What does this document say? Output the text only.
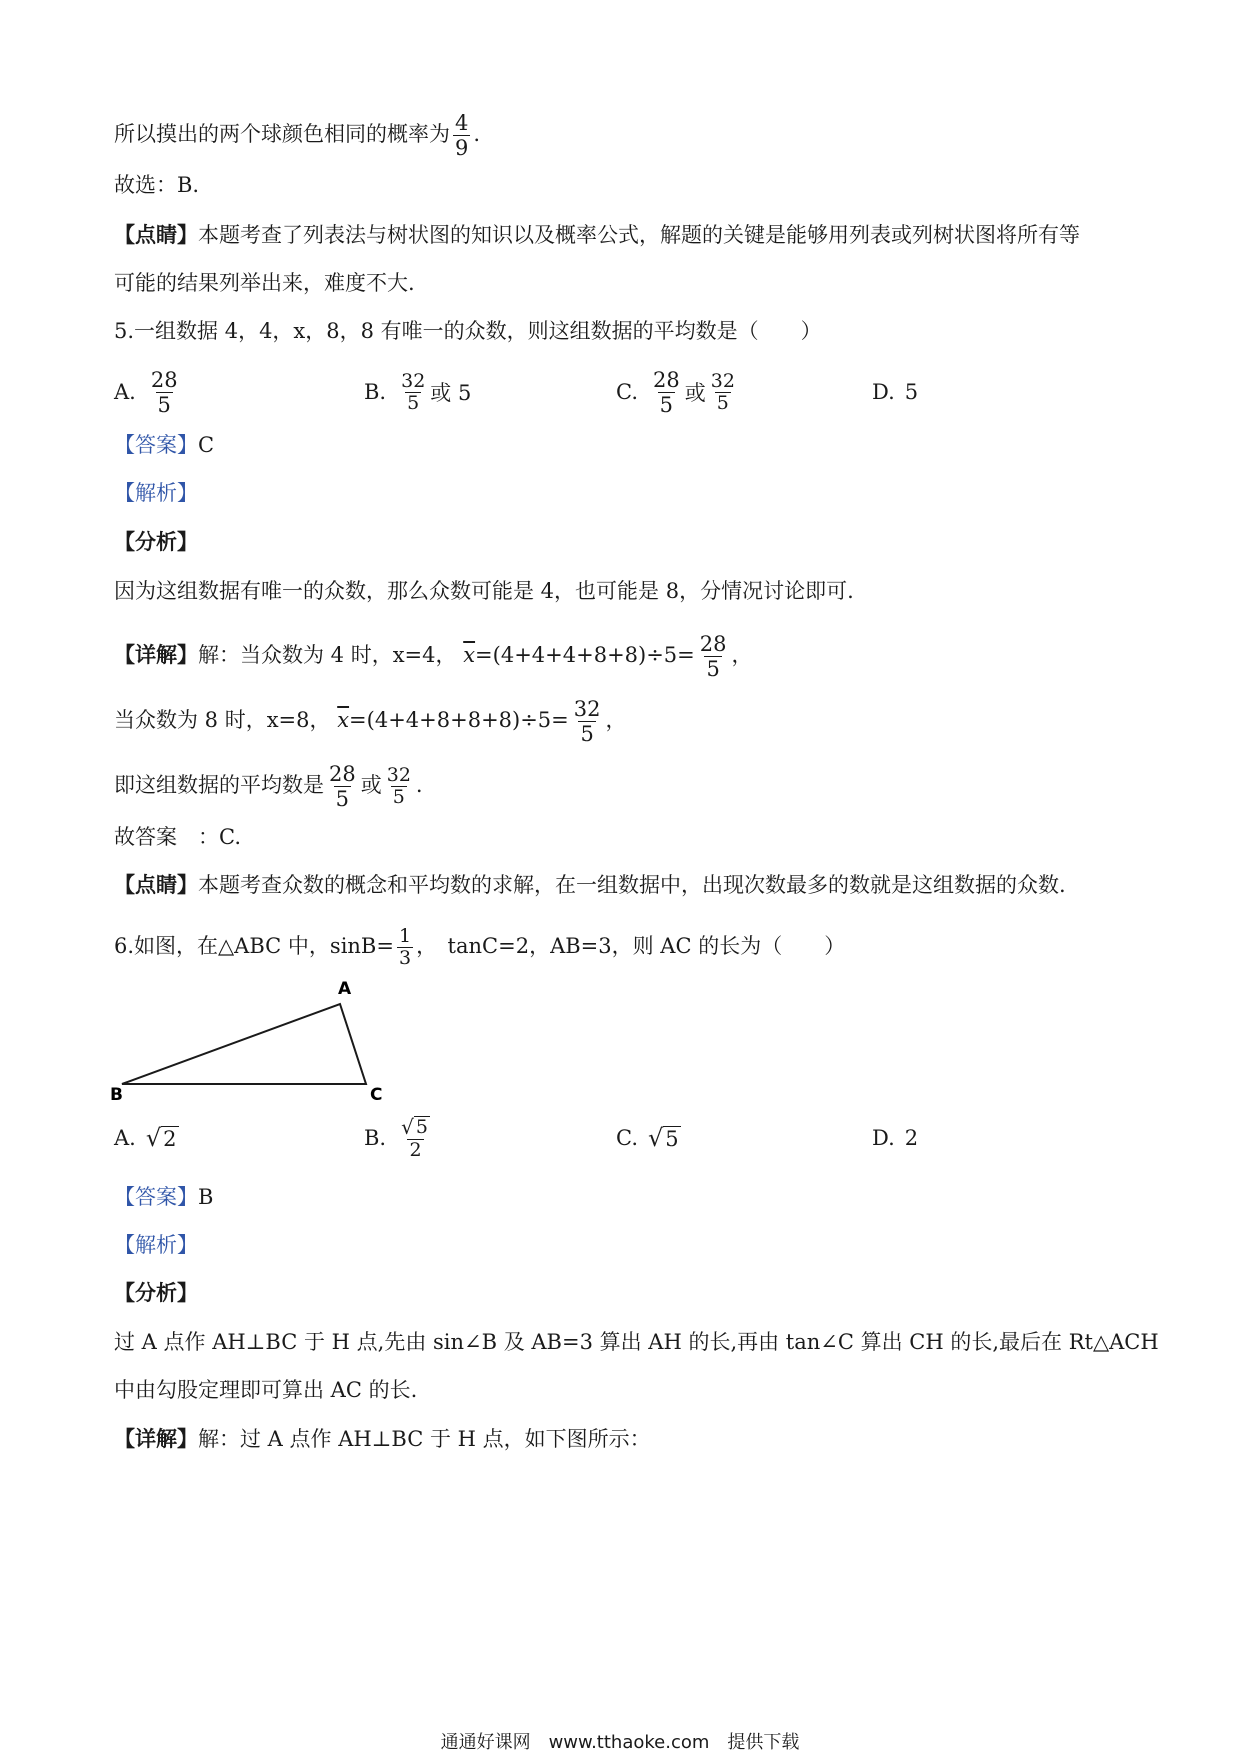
所以摸出的两个球颜色相同的概率为 $\frac{4}{9}$ .
故选：B.
【点睛】本题考查了列表法与树状图的知识以及概率公式，解题的关键是能够用列表或列树状图将所有等
可能的结果列举出来，难度不大.
5.一组数据 4，4，x，8，8 有唯一的众数，则这组数据的平均数是（　　）
A. $\frac{28}{5}$	B. $\frac{32}{5}$ 或 5	C. $\frac{28}{5}$ 或 $\frac{32}{5}$	D. 5
【答案】C
【解析】
【分析】
因为这组数据有唯一的众数，那么众数可能是 4，也可能是 8，分情况讨论即可.
【详解】解：当众数为 4 时，x=4， $\overline{x}=(4+4+4+8+8)\div 5= \frac{28}{5}$ ，
当众数为 8 时，x=8， $\overline{x}=(4+4+8+8+8)\div 5= \frac{32}{5}$ ，
即这组数据的平均数是 $\frac{28}{5}$ 或 $\frac{32}{5}$ .
故答案　：C.
【点睛】本题考查众数的概念和平均数的求解，在一组数据中，出现次数最多的数就是这组数据的众数.
6.如图，在△ABC 中，$\sin B= \frac{1}{3}$ ，　tanC=2，AB=3，则 AC 的长为（　　）
A
B	C
A. √ 2	B. $\frac{√ 5}{2}$	C. √ 5	D. 2
【答案】B
【解析】
【分析】
过 A 点作 AH⊥BC 于 H 点,先由 sin∠B 及 AB=3 算出 AH 的长,再由 tan∠C 算出 CH 的长,最后在 Rt△ACH
中由勾股定理即可算出 AC 的长.
【详解】解：过 A 点作 AH⊥BC 于 H 点，如下图所示：
通通好课网　www.tthaoke.com　提供下载
